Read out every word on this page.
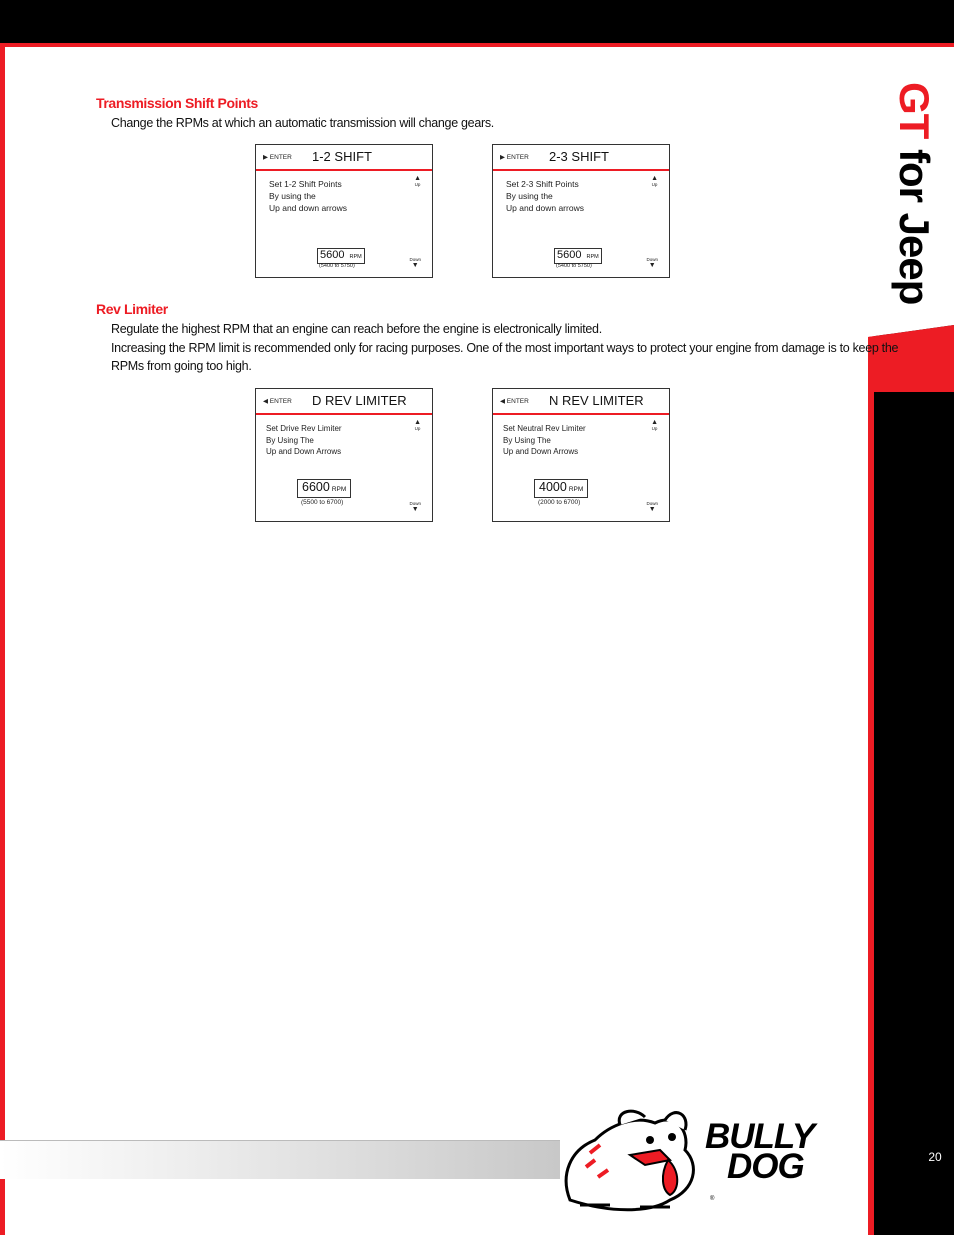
GT for Jeep
20
Transmission Shift Points
Change the RPMs at which an automatic transmission will change gears.
▶ ENTER 1-2 SHIFT
Set 1-2 Shift Points
By using the
Up and down arrows
▲
Up
Down
▼
5600 RPM
(5400 to 5750)
▶ ENTER 2-3 SHIFT
Set 2-3 Shift Points
By using the
Up and down arrows
▲
Up
Down
▼
5600 RPM
(5400 to 5750)
Rev Limiter
Regulate the highest RPM that an engine can reach before the engine is electronically limited.
Increasing the RPM limit is recommended only for racing purposes. One of the most important ways to protect your engine from damage is to keep the
RPMs from going too high.
◀ ENTER D REV LIMITER
Set Drive Rev Limiter
By Using The
Up and Down Arrows
▲
Up
Down
▼
6600 RPM
(5500 to 6700)
◀ ENTER N REV LIMITER
Set Neutral Rev Limiter
By Using The
Up and Down Arrows
▲
Up
Down
▼
4000 RPM
(2000 to 6700)
BULLY
DOG
®
